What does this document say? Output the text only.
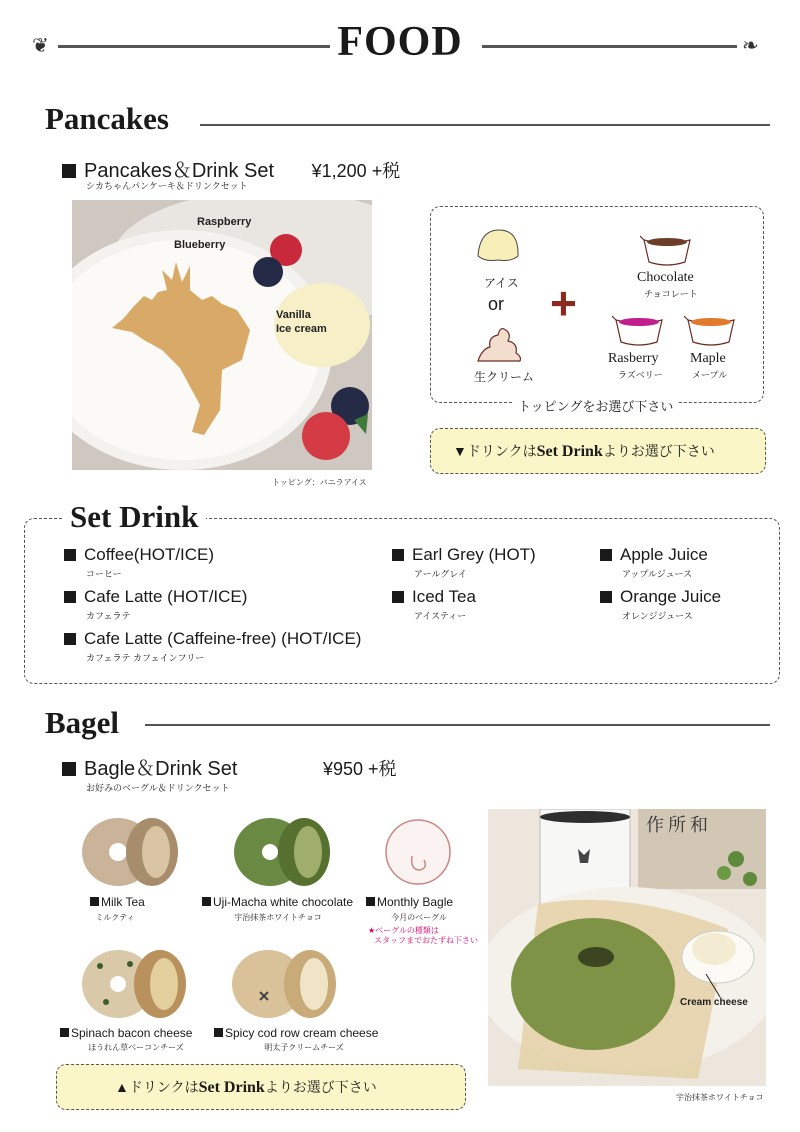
❦	FOOD	❧
Pancakes
Pancakes＆Drink Set ¥1,200 +税
シカちゃんパンケーキ＆ドリンクセット
Raspberry
Blueberry
Vanilla
Ice cream
トッピング：バニラアイス
アイス
or
生クリーム
+	Chocolate
チョコレート
Rasberry
ラズベリー
Maple
メープル
トッピングをお選び下さい
▼ドリンクはSet Drinkよりお選び下さい
Set Drink
Coffee(HOT/ICE)
コーヒー
Cafe Latte (HOT/ICE)
カフェラテ
Cafe Latte (Caffeine-free) (HOT/ICE)
カフェラテ カフェインフリー
Earl Grey (HOT)
アールグレイ
Iced Tea
アイスティー
Apple Juice
アップルジュース
Orange Juice
オレンジジュース
Bagel
Bagle＆Drink Set	¥950 +税
お好みのベーグル＆ドリンクセット
Milk Tea
ミルクティ
Uji-Macha white chocolate
宇治抹茶ホワイトチョコ
Monthly Bagle
今月のベーグル
★ベーグルの種類は
スタッフまでおたずね下さい
Spinach bacon cheese
ほうれん草ベーコンチーズ
Spicy cod row cream cheese
明太子クリームチーズ
▲ドリンクはSet Drinkよりお選び下さい
作所和
Cream cheese
宇治抹茶ホワイトチョコ
